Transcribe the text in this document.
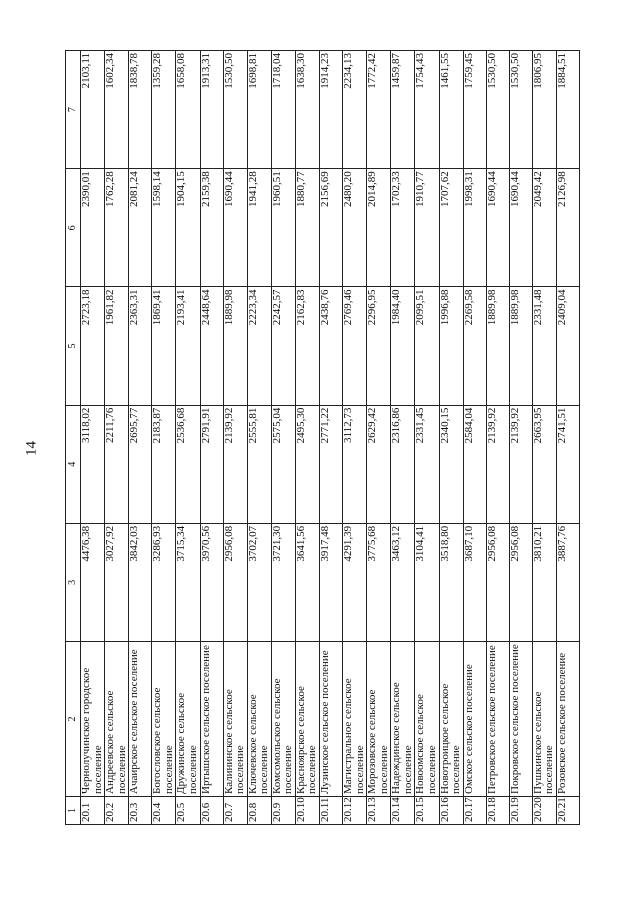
14
1	2	3	4	5	6	7
20.1	Чернолучинское городское поселение	4476,38	3118,02	2723,18	2390,01	2103,11
20.2	Андреевское сельское поселение	3027,92	2211,76	1961,82	1762,28	1602,34
20.3	Ачаирское сельское поселение	3842,03	2695,77	2363,31	2081,24	1838,78
20.4	Богословское сельское поселение	3286,93	2183,87	1869,41	1598,14	1359,28
20.5	Дружинское сельское поселение	3715,34	2536,68	2193,41	1904,15	1658,08
20.6	Иртышское сельское поселение	3970,56	2791,91	2448,64	2159,38	1913,31
20.7	Калининское сельское поселение	2956,08	2139,92	1889,98	1690,44	1530,50
20.8	Ключевское сельское поселение	3702,07	2555,81	2223,34	1941,28	1698,81
20.9	Комсомольское сельское поселение	3721,30	2575,04	2242,57	1960,51	1718,04
20.10	Красноярское сельское поселение	3641,56	2495,30	2162,83	1880,77	1638,30
20.11	Лузинское сельское поселение	3917,48	2771,22	2438,76	2156,69	1914,23
20.12	Магистральное сельское поселение	4291,39	3112,73	2769,46	2480,20	2234,13
20.13	Морозовское сельское поселение	3775,68	2629,42	2296,95	2014,89	1772,42
20.14	Надеждинское сельское поселение	3463,12	2316,86	1984,40	1702,33	1459,87
20.15	Новоомское сельское поселение	3104,41	2331,45	2099,51	1910,77	1754,43
20.16	Новотроицкое сельское поселение	3518,80	2340,15	1996,88	1707,62	1461,55
20.17	Омское сельское поселение	3687,10	2584,04	2269,58	1998,31	1759,45
20.18	Петровское сельское поселение	2956,08	2139,92	1889,98	1690,44	1530,50
20.19	Покровское сельское поселение	2956,08	2139,92	1889,98	1690,44	1530,50
20.20	Пушкинское сельское поселение	3810,21	2663,95	2331,48	2049,42	1806,95
20.21	Розовское сельское поселение	3887,76	2741,51	2409,04	2126,98	1884,51
